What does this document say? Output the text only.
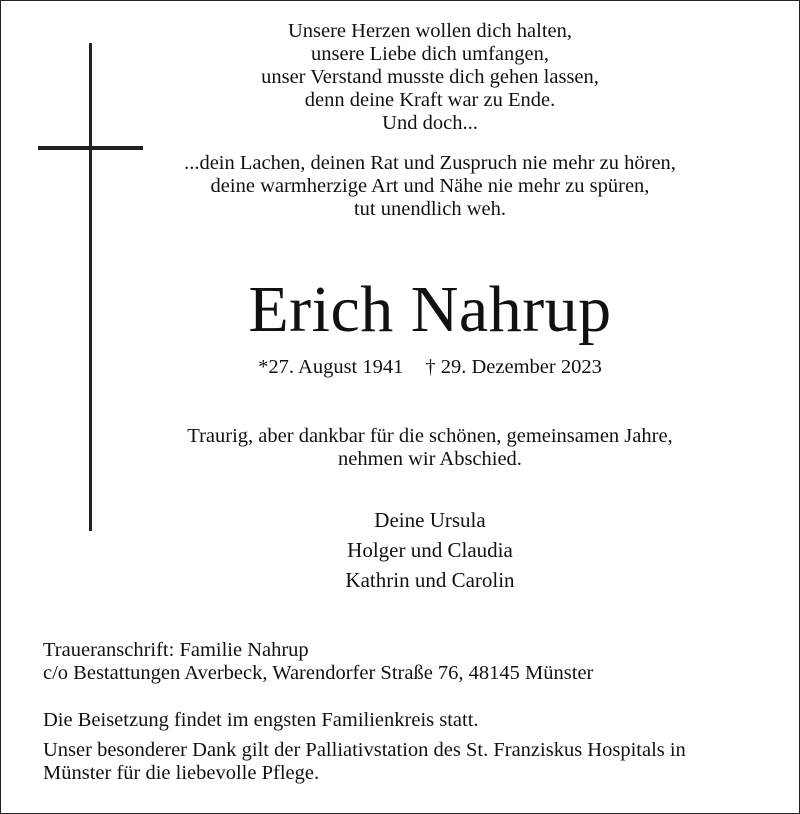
Unsere Herzen wollen dich halten,
unsere Liebe dich umfangen,
unser Verstand musste dich gehen lassen,
denn deine Kraft war zu Ende.
Und doch...
...dein Lachen, deinen Rat und Zuspruch nie mehr zu hören,
deine warmherzige Art und Nähe nie mehr zu spüren,
tut unendlich weh.
Erich Nahrup
*27. August 1941 † 29. Dezember 2023
Traurig, aber dankbar für die schönen, gemeinsamen Jahre,
nehmen wir Abschied.
Deine Ursula
Holger und Claudia
Kathrin und Carolin
Traueranschrift: Familie Nahrup
c/o Bestattungen Averbeck, Warendorfer Straße 76, 48145 Münster
Die Beisetzung findet im engsten Familienkreis statt.
Unser besonderer Dank gilt der Palliativstation des St. Franziskus Hospitals in
Münster für die liebevolle Pflege.
